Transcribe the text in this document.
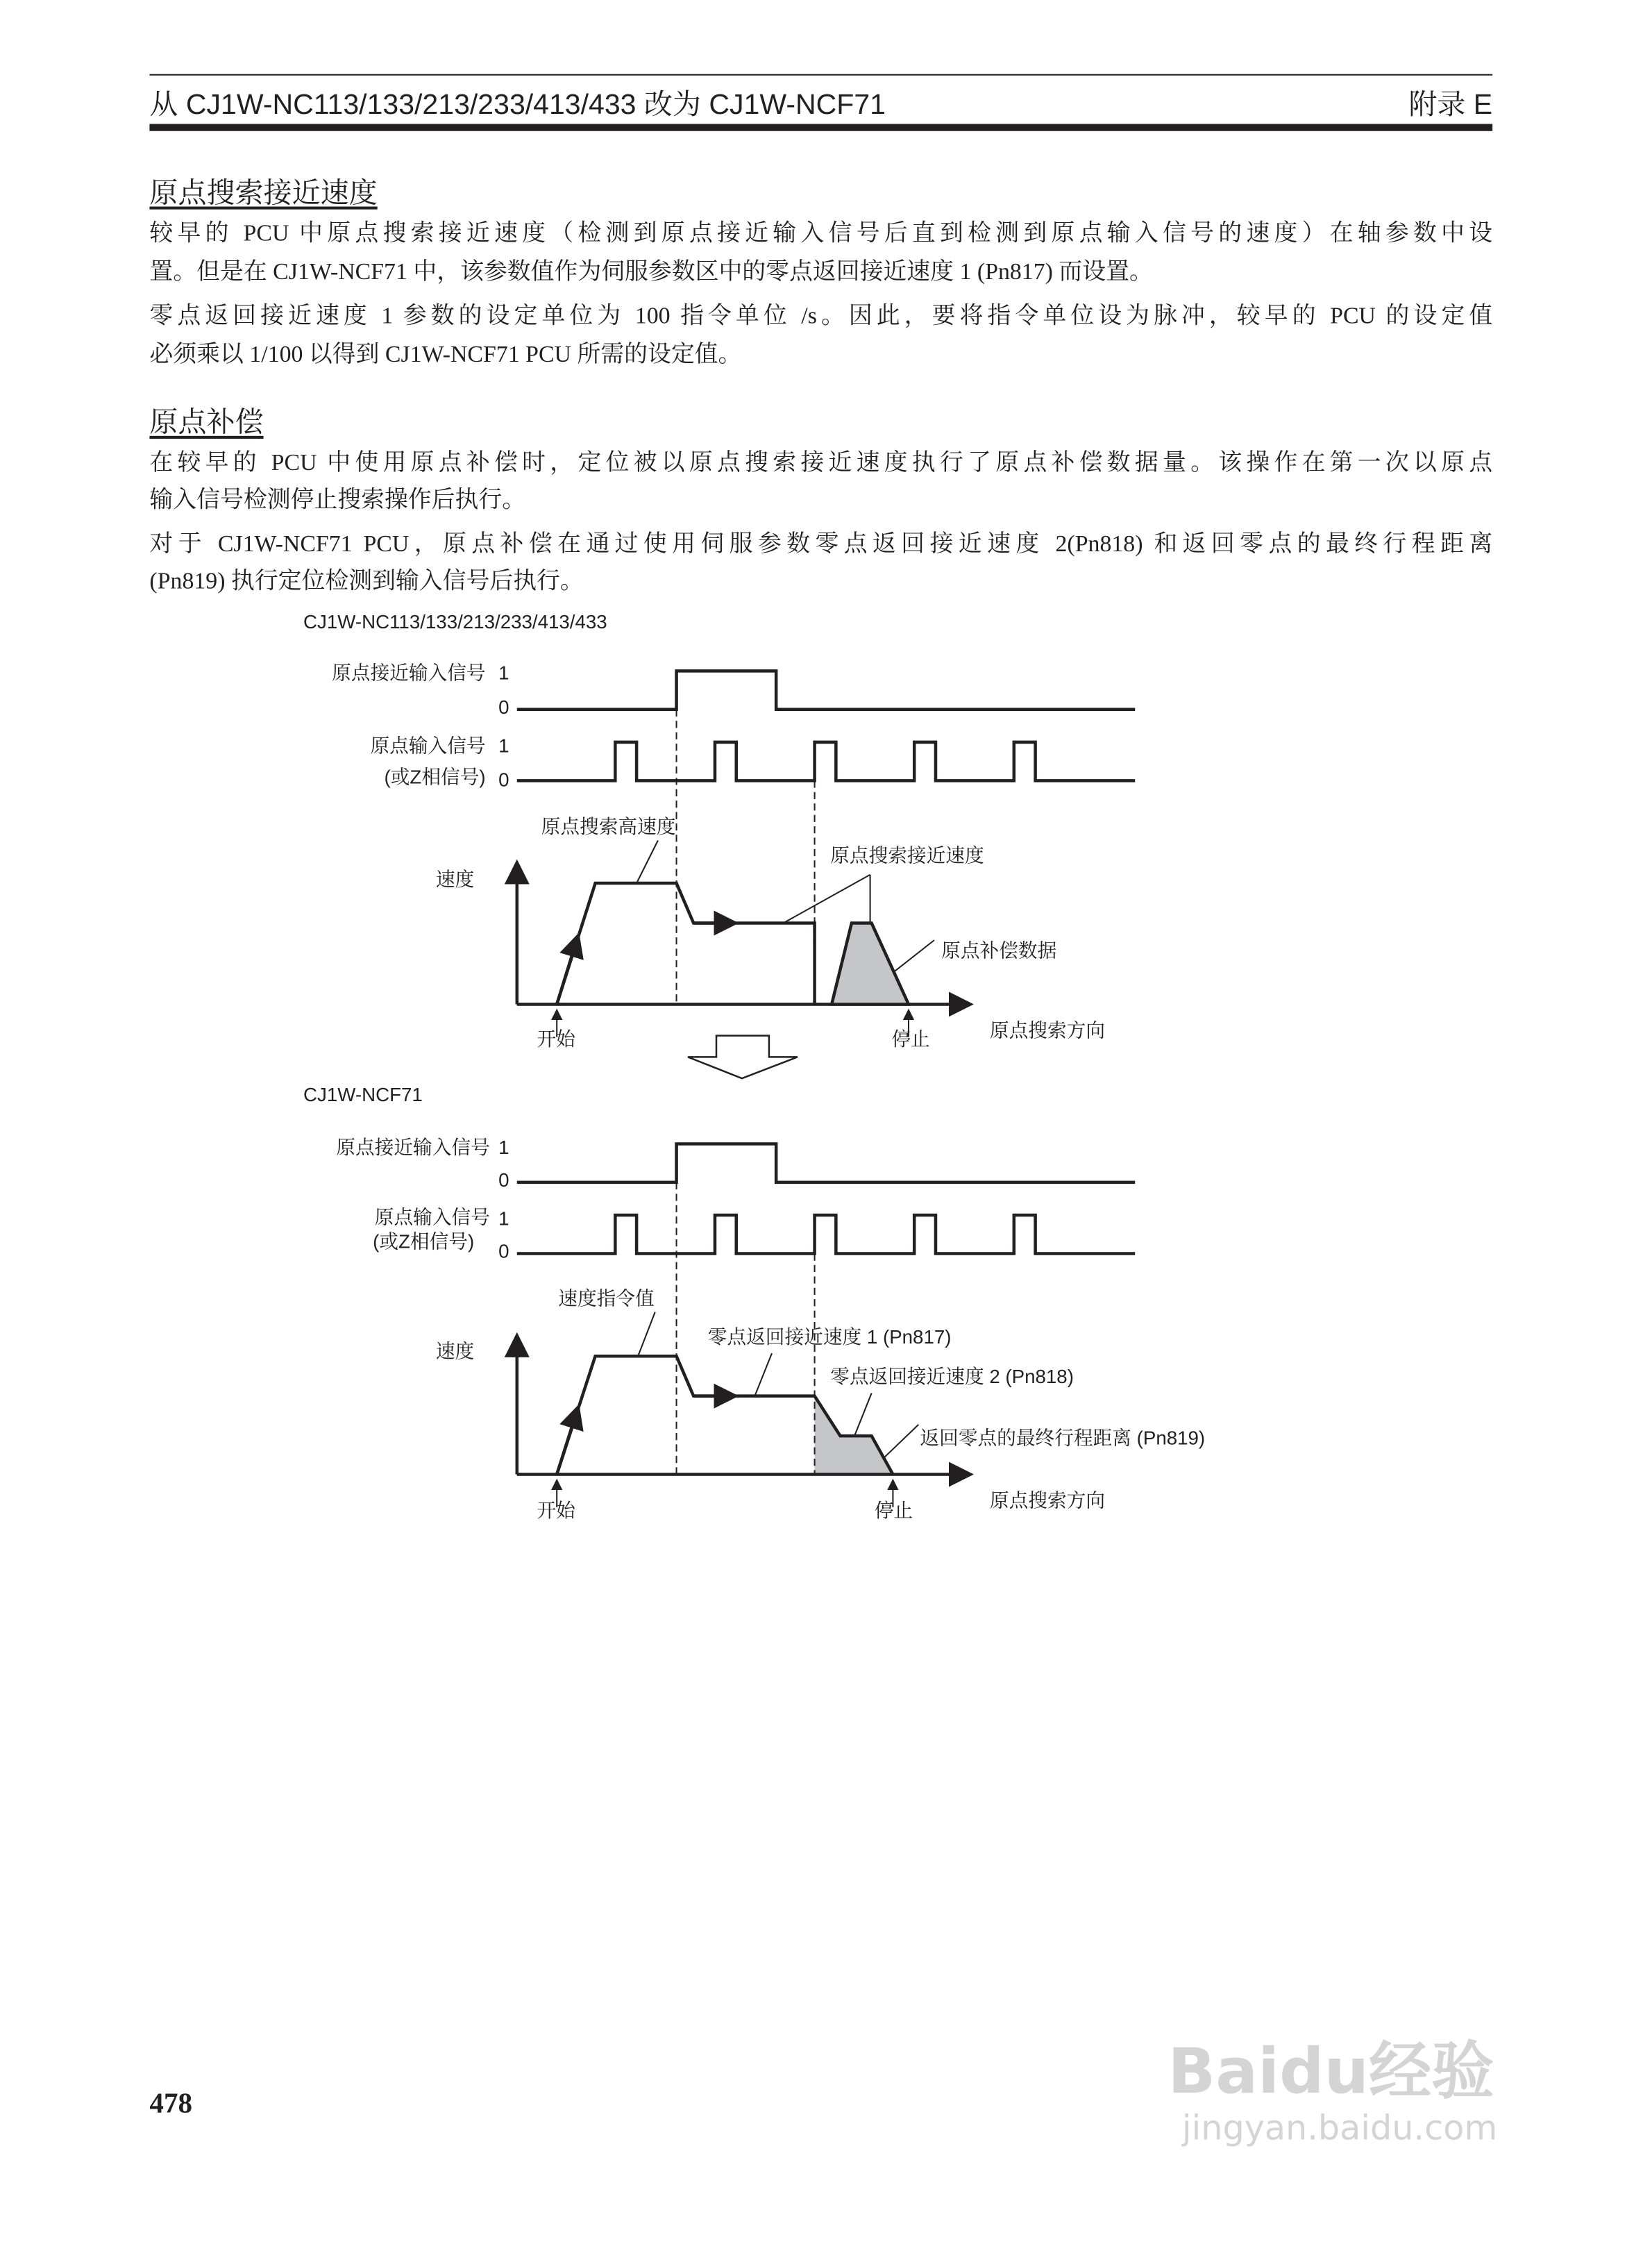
从 CJ1W-NC113/133/213/233/413/433 改为 CJ1W-NCF71	附录 E
原点搜索接近速度
较早的 PCU 中原点搜索接近速度（检测到原点接近输入信号后直到检测到原点输入信号的速度）在轴参数中设
置。但是在 CJ1W-NCF71 中，该参数值作为伺服参数区中的零点返回接近速度 1 (Pn817) 而设置。
零点返回接近速度 1 参数的设定单位为 100 指令单位 /s。因此，要将指令单位设为脉冲，较早的 PCU 的设定值
必须乘以 1/100 以得到 CJ1W-NCF71 PCU 所需的设定值。
原点补偿
在较早的 PCU 中使用原点补偿时，定位被以原点搜索接近速度执行了原点补偿数据量。该操作在第一次以原点
输入信号检测停止搜索操作后执行。
对于 CJ1W-NCF71 PCU，原点补偿在通过使用伺服参数零点返回接近速度 2(Pn818) 和返回零点的最终行程距离
(Pn819) 执行定位检测到输入信号后执行。
CJ1W-NC113/133/213/233/413/433
原点接近输入信号 1
0
原点输入信号
(或Z相信号)
1
0
原点搜索高速度
原点搜索接近速度
速度
原点补偿数据
开始	停止	原点搜索方向
CJ1W-NCF71
原点接近输入信号 1
0
原点输入信号
(或Z相信号)
1
0
速度指令值
零点返回接近速度 1 (Pn817)
速度
零点返回接近速度 2 (Pn818)
返回零点的最终行程距离 (Pn819)
开始	停止	原点搜索方向
478	Baidu经验
jingyan.baidu.com
